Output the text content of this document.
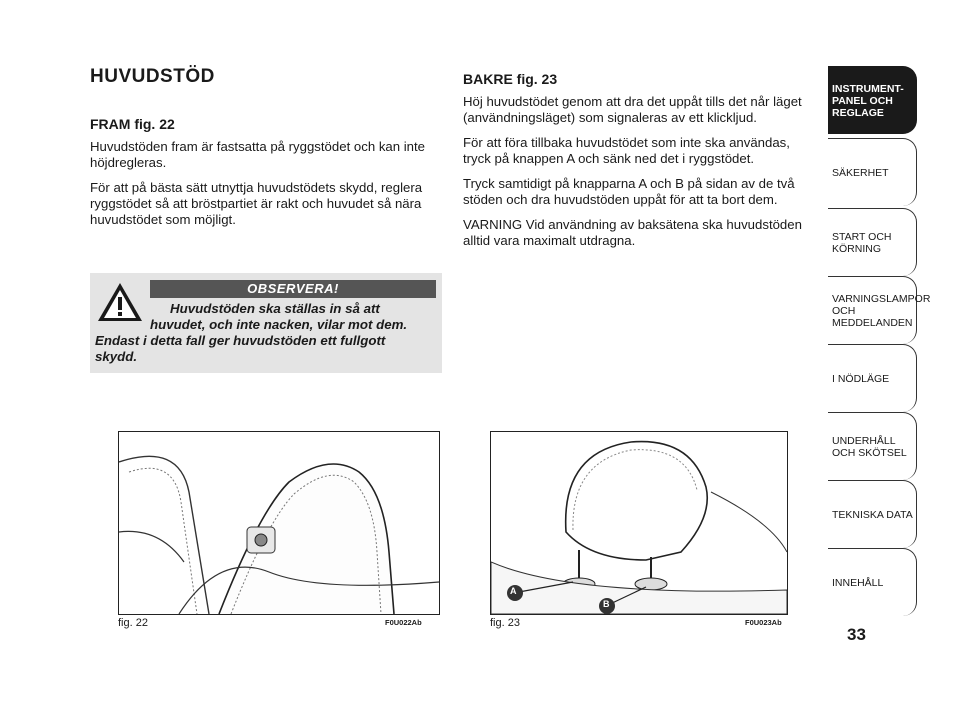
HUVUDSTÖD
FRAM fig. 22

Huvudstöden fram är fastsatta på ryggstödet och kan inte höjdregleras.

För att på bästa sätt utnyttja huvudstödets skydd, reglera ryggstödet så att bröstpartiet är rakt och huvudet så nära huvudstödet som möjligt.

OBSERVERA!

Huvudstöden ska ställas in så att

huvudet, och inte nacken, vilar mot dem.

Endast i detta fall ger huvudstöden ett fullgott

skydd.

BAKRE fig. 23

Höj huvudstödet genom att dra det uppåt tills det når läget (användningsläget) som signaleras av ett klickljud.

För att föra tillbaka huvudstödet som inte ska användas, tryck på knappen A och sänk ned det i ryggstödet.

Tryck samtidigt på knapparna A och B på sidan av de två stöden och dra huvudstöden uppåt för att ta bort dem.

VARNING Vid användning av baksätena ska huvudstöden alltid vara maximalt utdragna.

fig. 22	F0U022Ab
A
B
fig. 23	F0U023Ab
INSTRUMENT-
PANEL OCH
REGLAGE
SÄKERHET
START OCH
KÖRNING
VARNINGSLAMPOR
OCH
MEDDELANDEN
I NÖDLÄGE
UNDERHÅLL
OCH SKÖTSEL
TEKNISKA DATA
INNEHÅLL
33
